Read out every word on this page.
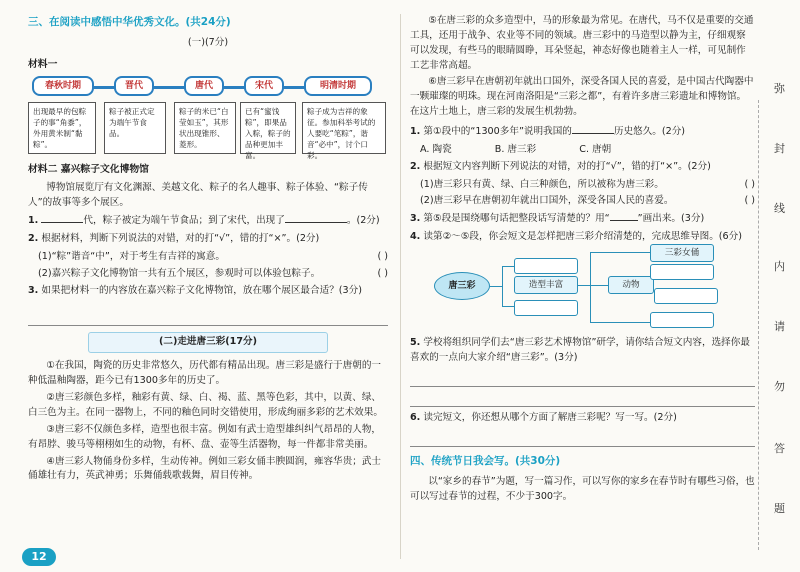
三、在阅读中感悟中华优秀文化。(共24分)
(一)(7分)
材料一
春秋时期	晋代	唐代	宋代	明清时期
出现最早的包粽子的事“角黍”，外用黄米制“黏粽”。
粽子被正式定为端午节食品。
粽子的米已“白莹如玉”，其形状出现锥形、菱形。
已有“蜜饯粽”，即果品入粽，粽子的品种更加丰富。
粽子成为吉祥的象征。参加科举考试的人要吃“笔粽”，谐音“必中”，讨个口彩。
材料二 嘉兴粽子文化博物馆

博物馆展览厅有文化渊源、美越文化、粽子的名人趣事、粽子体验、“粽子传人”的故事等多个展区。

1.	代，粽子被定为端午节食品；到了宋代，出现了	。(2分)
2. 根据材料，判断下列说法的对错，对的打“√”，错的打“×”。(2分)

(1)“粽”谐音“中”，对于考生有吉祥的寓意。	( )

(2)嘉兴粽子文化博物馆一共有五个展区，参观时可以体验包粽子。	( )

3. 如果把材料一的内容放在嘉兴粽子文化博物馆，放在哪个展区最合适？(3分)
(二)走进唐三彩(17分)

①在我国，陶瓷的历史非常悠久，历代都有精品出现。唐三彩是盛行于唐朝的一种低温釉陶器，距今已有1300多年的历史了。

②唐三彩颜色多样，釉彩有黄、绿、白、褐、蓝、黑等色彩，其中，以黄、绿、白三色为主。在同一器物上，不同的釉色同时交错使用，形成绚丽多彩的艺术效果。

③唐三彩不仅颜色多样，造型也很丰富。例如有武士造型雄纠纠气昂昂的人物，有昂脖、骏马等栩栩如生的动物，有杯、盘、壶等生活器物，每一件都非常美丽。

④唐三彩人物俑身份多样，生动传神。例如三彩女俑丰腴圆润，雍容华贵；武士俑雄壮有力，英武神勇；乐舞俑载歌载舞，眉目传神。

12

⑤在唐三彩的众多造型中，马的形象最为常见。在唐代，马不仅是重要的交通工具，还用于战争、农业等不同的领域。唐三彩中的马造型以静为主，仔细观察可以发现，有些马的眼睛圆睁，耳朵竖起，神态好像也随着主人一样，可见制作工艺非常高超。

⑥唐三彩早在唐朝初年就出口国外，深受各国人民的喜爱，是中国古代陶器中一颗璀璨的明珠。现在河南洛阳是“三彩之都”，有着许多唐三彩遗址和博物馆。在这片土地上，唐三彩的发展生机勃勃。

1. 第①段中的“1300多年”说明我国的	历史悠久。(2分)

A. 陶瓷	B. 唐三彩	C. 唐朝

2. 根据短文内容判断下列说法的对错，对的打“√”，错的打“×”。(2分)

(1)唐三彩只有黄、绿、白三种颜色，所以被称为唐三彩。	( )

(2)唐三彩早在唐朝初年就出口国外，深受各国人民的喜爱。	( )

3. 第⑤段是围绕哪句话把整段话写清楚的？用“	”画出来。(3分)
4. 读第②～⑤段，你会短文是怎样把唐三彩介绍清楚的，完成思维导图。(6分)
唐三彩	造型丰富	动物
三彩女俑
5. 学校将组织同学们去“唐三彩艺术博物馆”研学，请你结合短文内容，选择你最喜欢的一点向大家介绍“唐三彩”。(3分)
6. 读完短文，你还想从哪个方面了解唐三彩呢？写一写。(2分)
四、传统节日我会写。(共30分)

以“家乡的春节”为题，写一篇习作，可以写你的家乡在春节时有哪些习俗，也可以写过春节的过程，不少于300字。

弥
封
线
内
请
勿
答
题
